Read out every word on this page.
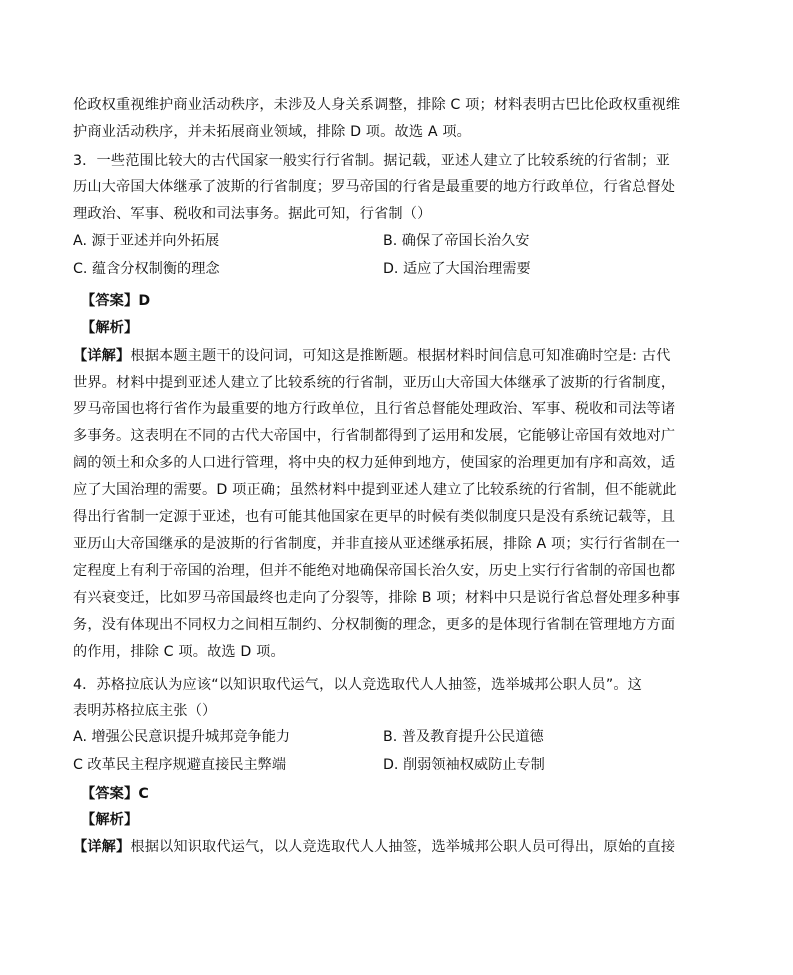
伦政权重视维护商业活动秩序，未涉及人身关系调整，排除 C 项；材料表明古巴比伦政权重视维
护商业活动秩序，并未拓展商业领域，排除 D 项。故选 A 项。
3．一些范围比较大的古代国家一般实行行省制。据记载，亚述人建立了比较系统的行省制；亚
历山大帝国大体继承了波斯的行省制度；罗马帝国的行省是最重要的地方行政单位，行省总督处
理政治、军事、税收和司法事务。据此可知，行省制（）
A. 源于亚述并向外拓展	B. 确保了帝国长治久安
C. 蕴含分权制衡的理念	D. 适应了大国治理需要
【答案】D
【解析】
【详解】根据本题主题干的设问词，可知这是推断题。根据材料时间信息可知准确时空是: 古代
世界。材料中提到亚述人建立了比较系统的行省制，亚历山大帝国大体继承了波斯的行省制度，
罗马帝国也将行省作为最重要的地方行政单位，且行省总督能处理政治、军事、税收和司法等诸
多事务。这表明在不同的古代大帝国中，行省制都得到了运用和发展，它能够让帝国有效地对广
阔的领土和众多的人口进行管理，将中央的权力延伸到地方，使国家的治理更加有序和高效，适
应了大国治理的需要。D 项正确；虽然材料中提到亚述人建立了比较系统的行省制，但不能就此
得出行省制一定源于亚述，也有可能其他国家在更早的时候有类似制度只是没有系统记载等，且
亚历山大帝国继承的是波斯的行省制度，并非直接从亚述继承拓展，排除 A 项；实行行省制在一
定程度上有利于帝国的治理，但并不能绝对地确保帝国长治久安，历史上实行行省制的帝国也都
有兴衰变迁，比如罗马帝国最终也走向了分裂等，排除 B 项；材料中只是说行省总督处理多种事
务，没有体现出不同权力之间相互制约、分权制衡的理念，更多的是体现行省制在管理地方方面
的作用，排除 C 项。故选 D 项。
4．苏格拉底认为应该“以知识取代运气，以人竞选取代人人抽签，选举城邦公职人员”。这
表明苏格拉底主张（）
A. 增强公民意识提升城邦竞争能力	B. 普及教育提升公民道德
C 改革民主程序规避直接民主弊端	D. 削弱领袖权威防止专制
【答案】C
【解析】
【详解】根据以知识取代运气，以人竞选取代人人抽签，选举城邦公职人员可得出，原始的直接
